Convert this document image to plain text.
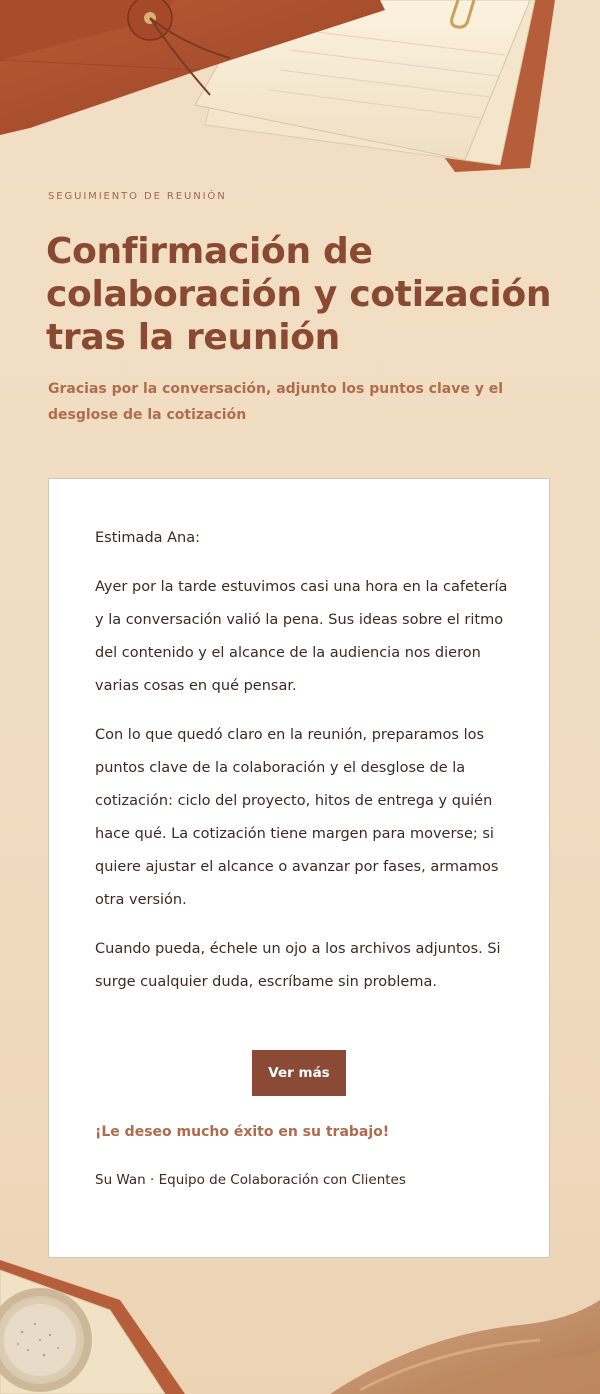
SEGUIMIENTO DE REUNIÓN
Confirmación de colaboración y cotización tras la reunión

Gracias por la conversación, adjunto los puntos clave y el desglose de la cotización

Estimada Ana:

Ayer por la tarde estuvimos casi una hora en la cafetería y la conversación valió la pena. Sus ideas sobre el ritmo del contenido y el alcance de la audiencia nos dieron varias cosas en qué pensar.

Con lo que quedó claro en la reunión, preparamos los puntos clave de la colaboración y el desglose de la cotización: ciclo del proyecto, hitos de entrega y quién hace qué. La cotización tiene margen para moverse; si quiere ajustar el alcance o avanzar por fases, armamos otra versión.

Cuando pueda, échele un ojo a los archivos adjuntos. Si surge cualquier duda, escríbame sin problema.

Ver más
¡Le deseo mucho éxito en su trabajo!
Su Wan · Equipo de Colaboración con Clientes
